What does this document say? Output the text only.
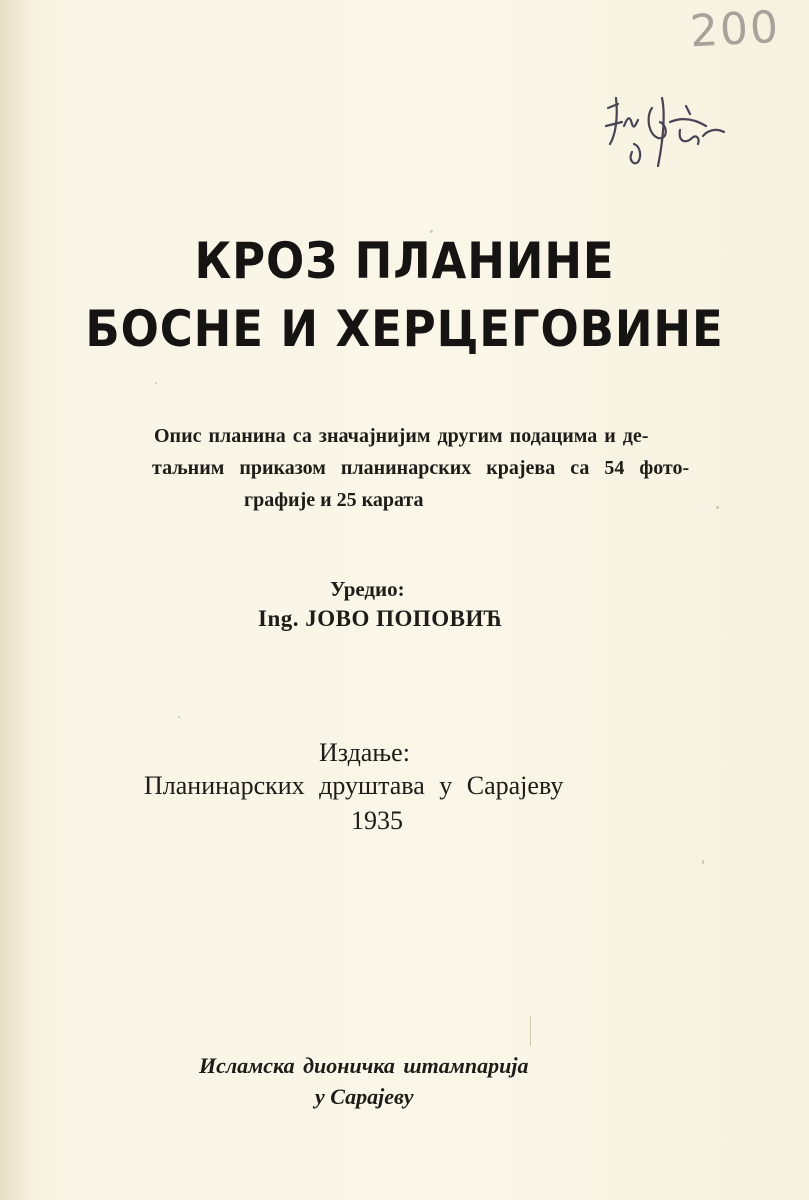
200
КРОЗ ПЛАНИНЕ
БОСНЕ И ХЕРЦЕГОВИНЕ
Опис планина са значајнијим другим подацима и де-
таљним приказом планинарских крајева са 54 фото-
графије и 25 карата
Уредио:
Ing. ЈОВО ПОПОВИЋ
Издање:
Планинарских друштава у Сарајеву
1935
Исламска дионичка штампарија
у Сарајеву
